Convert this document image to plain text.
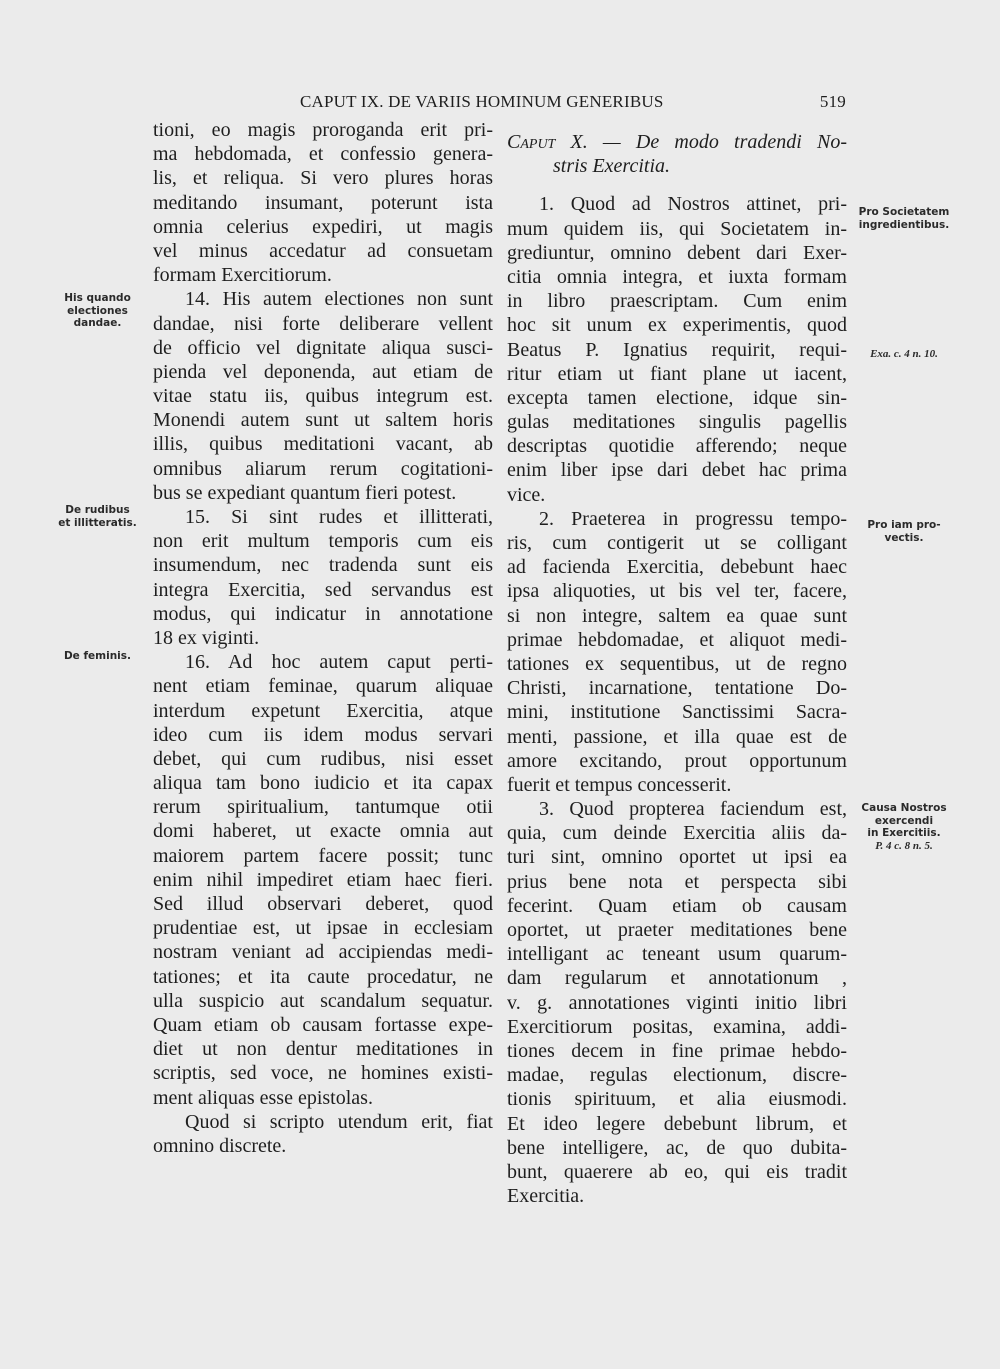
CAPUT IX. DE VARIIS HOMINUM GENERIBUS	519
tioni, eo magis proroganda erit pri-
ma hebdomada, et confessio genera-
lis, et reliqua. Si vero plures horas
meditando insumant, poterunt ista
omnia celerius expediri, ut magis
vel minus accedatur ad consuetam
formam Exercitiorum.
14. His autem electiones non sunt
dandae, nisi forte deliberare vellent
de officio vel dignitate aliqua susci-
pienda vel deponenda, aut etiam de
vitae statu iis, quibus integrum est.
Monendi autem sunt ut saltem horis
illis, quibus meditationi vacant, ab
omnibus aliarum rerum cogitationi-
bus se expediant quantum fieri potest.
15. Si sint rudes et illitterati,
non erit multum temporis cum eis
insumendum, nec tradenda sunt eis
integra Exercitia, sed servandus est
modus, qui indicatur in annotatione
18 ex viginti.
16. Ad hoc autem caput perti-
nent etiam feminae, quarum aliquae
interdum expetunt Exercitia, atque
ideo cum iis idem modus servari
debet, qui cum rudibus, nisi esset
aliqua tam bono iudicio et ita capax
rerum spiritualium, tantumque otii
domi haberet, ut exacte omnia aut
maiorem partem facere possit; tunc
enim nihil impediret etiam haec fieri.
Sed illud observari deberet, quod
prudentiae est, ut ipsae in ecclesiam
nostram veniant ad accipiendas medi-
tationes; et ita caute procedatur, ne
ulla suspicio aut scandalum sequatur.
Quam etiam ob causam fortasse expe-
diet ut non dentur meditationes in
scriptis, sed voce, ne homines existi-
ment aliquas esse epistolas.
Quod si scripto utendum erit, fiat
omnino discrete.
Caput X. — De modo tradendi No-
stris Exercitia.
1. Quod ad Nostros attinet, pri-
mum quidem iis, qui Societatem in-
grediuntur, omnino debent dari Exer-
citia omnia integra, et iuxta formam
in libro praescriptam. Cum enim
hoc sit unum ex experimentis, quod
Beatus P. Ignatius requirit, requi-
ritur etiam ut fiant plane ut iacent,
excepta tamen electione, idque sin-
gulas meditationes singulis pagellis
descriptas quotidie afferendo; neque
enim liber ipse dari debet hac prima
vice.
2. Praeterea in progressu tempo-
ris, cum contigerit ut se colligant
ad facienda Exercitia, debebunt haec
ipsa aliquoties, ut bis vel ter, facere,
si non integre, saltem ea quae sunt
primae hebdomadae, et aliquot medi-
tationes ex sequentibus, ut de regno
Christi, incarnatione, tentatione Do-
mini, institutione Sanctissimi Sacra-
menti, passione, et illa quae est de
amore excitando, prout opportunum
fuerit et tempus concesserit.
3. Quod propterea faciendum est,
quia, cum deinde Exercitia aliis da-
turi sint, omnino oportet ut ipsi ea
prius bene nota et perspecta sibi
fecerint. Quam etiam ob causam
oportet, ut praeter meditationes bene
intelligant ac teneant usum quarum-
dam regularum et annotationum ,
v. g. annotationes viginti initio libri
Exercitiorum positas, examina, addi-
tiones decem in fine primae hebdo-
madae, regulas electionum, discre-
tionis spirituum, et alia eiusmodi.
Et ideo legere debebunt librum, et
bene intelligere, ac, de quo dubita-
bunt, quaerere ab eo, qui eis tradit
Exercitia.
His quando
electiones
dandae.
De rudibus
et illitteratis.
De feminis.
Pro Societatem
ingredientibus.
Exa. c. 4 n. 10.
Pro iam pro-
vectis.
Causa Nostros
exercendi
in Exercitiis.
P. 4 c. 8 n. 5.
